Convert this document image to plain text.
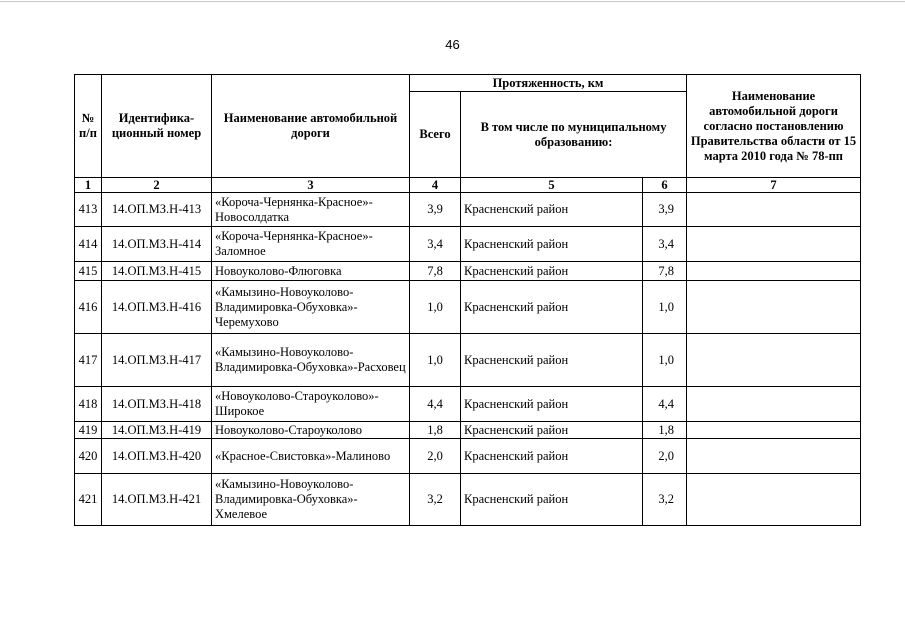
46
№ п/п	Идентифика-ционный номер	Наименование автомобильной дороги	Протяженность, км			Наименование автомобильной дороги согласно постановлению Правительства области от 15 марта 2010 года № 78-пп
			Всего	В том числе по муниципальному образованию:		
1	2	3	4	5	6	7
413	14.ОП.МЗ.Н-413	«Короча-Чернянка-Красное»-Новосолдатка	3,9	Красненский район	3,9	
414	14.ОП.МЗ.Н-414	«Короча-Чернянка-Красное»-Заломное	3,4	Красненский район	3,4	
415	14.ОП.МЗ.Н-415	Новоуколово-Флюговка	7,8	Красненский район	7,8	
416	14.ОП.МЗ.Н-416	«Камызино-Новоуколово-Владимировка-Обуховка»-Черемухово	1,0	Красненский район	1,0	
417	14.ОП.МЗ.Н-417	«Камызино-Новоуколово-Владимировка-Обуховка»-Расховец	1,0	Красненский район	1,0	
418	14.ОП.МЗ.Н-418	«Новоуколово-Староуколово»-Широкое	4,4	Красненский район	4,4	
419	14.ОП.МЗ.Н-419	Новоуколово-Староуколово	1,8	Красненский район	1,8	
420	14.ОП.МЗ.Н-420	«Красное-Свистовка»-Малиново	2,0	Красненский район	2,0	
421	14.ОП.МЗ.Н-421	«Камызино-Новоуколово-Владимировка-Обуховка»-Хмелевое	3,2	Красненский район	3,2	
